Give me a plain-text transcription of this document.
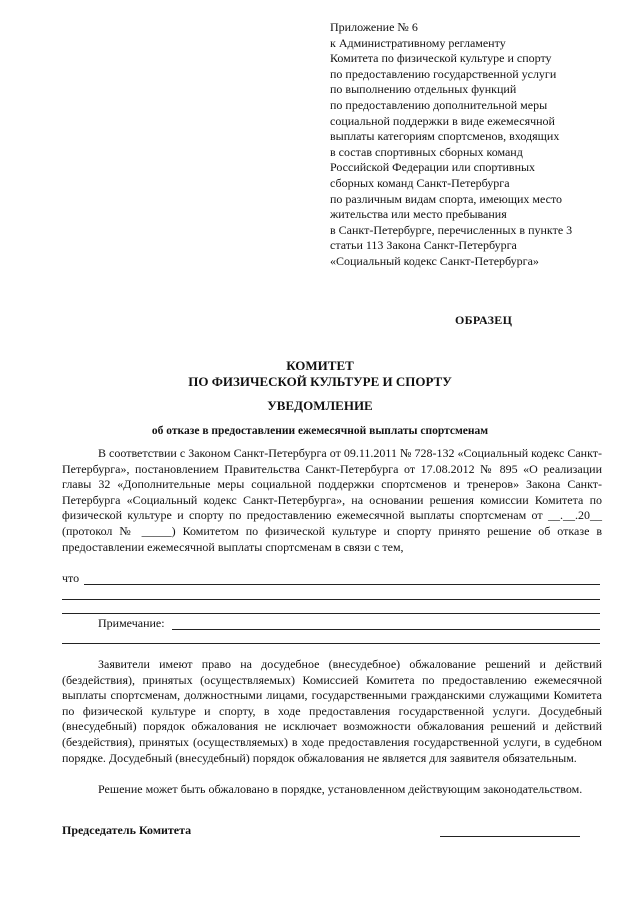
Приложение № 6
к Административному регламенту
Комитета по физической культуре и спорту
по предоставлению государственной услуги
по выполнению отдельных функций
по предоставлению дополнительной меры
социальной поддержки в виде ежемесячной
выплаты категориям спортсменов, входящих
в состав спортивных сборных команд
Российской Федерации или спортивных
сборных команд Санкт-Петербурга
по различным видам спорта, имеющих место
жительства или место пребывания
в Санкт-Петербурге, перечисленных в пункте 3
статьи 113 Закона Санкт-Петербурга
«Социальный кодекс Санкт-Петербурга»
ОБРАЗЕЦ
КОМИТЕТ
ПО ФИЗИЧЕСКОЙ КУЛЬТУРЕ И СПОРТУ
УВЕДОМЛЕНИЕ
об отказе в предоставлении ежемесячной выплаты спортсменам
В соответствии с Законом Санкт-Петербурга от 09.11.2011 № 728-132 «Социальный кодекс Санкт-Петербурга», постановлением Правительства Санкт-Петербурга от 17.08.2012 № 895 «О реализации главы 32 «Дополнительные меры социальной поддержки спортсменов и тренеров» Закона Санкт-Петербурга «Социальный кодекс Санкт-Петербурга», на основании решения комиссии Комитета по физической культуре и спорту по предоставлению ежемесячной выплаты спортсменам от __.__.20__ (протокол № _____) Комитетом по физической культуре и спорту принято решение об отказе в предоставлении ежемесячной выплаты спортсменам в связи с тем,
что
Примечание:
Заявители имеют право на досудебное (внесудебное) обжалование решений и действий (бездействия), принятых (осуществляемых) Комиссией Комитета по предоставлению ежемесячной выплаты спортсменам, должностными лицами, государственными гражданскими служащими Комитета по физической культуре и спорту, в ходе предоставления государственной услуги. Досудебный (внесудебный) порядок обжалования не исключает возможности обжалования решений и действий (бездействия), принятых (осуществляемых) в ходе предоставления государственной услуги, в судебном порядке. Досудебный (внесудебный) порядок обжалования не является для заявителя обязательным.
Решение может быть обжаловано в порядке, установленном действующим законодательством.
Председатель Комитета
